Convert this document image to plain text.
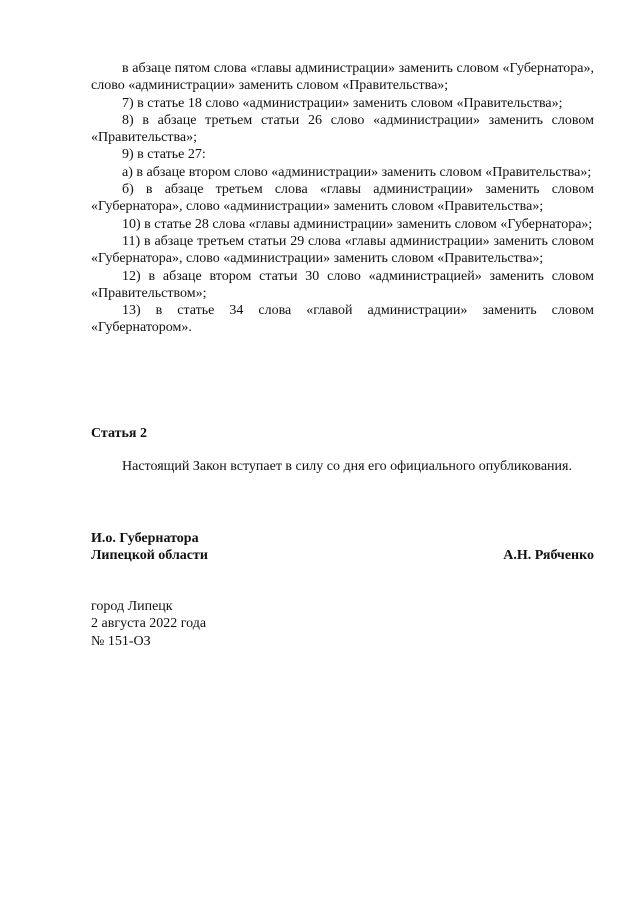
в абзаце пятом слова «главы администрации» заменить словом «Губернатора», слово «администрации» заменить словом «Правительства»;

7) в статье 18 слово «администрации» заменить словом «Правительства»;

8) в абзаце третьем статьи 26 слово «администрации» заменить словом «Правительства»;

9) в статье 27:

а) в абзаце втором слово «администрации» заменить словом «Правительства»;

б) в абзаце третьем слова «главы администрации» заменить словом «Губернатора», слово «администрации» заменить словом «Правительства»;

10) в статье 28 слова «главы администрации» заменить словом «Губернатора»;

11) в абзаце третьем статьи 29 слова «главы администрации» заменить словом «Губернатора», слово «администрации» заменить словом «Правительства»;

12) в абзаце втором статьи 30 слово «администрацией» заменить словом «Правительством»;

13) в статье 34 слова «главой администрации» заменить словом «Губернатором».

Статья 2

Настоящий Закон вступает в силу со дня его официального опубликования.

И.о. Губернатора
Липецкой области	А.Н. Рябченко
город Липецк
2 августа 2022 года
№ 151-ОЗ
